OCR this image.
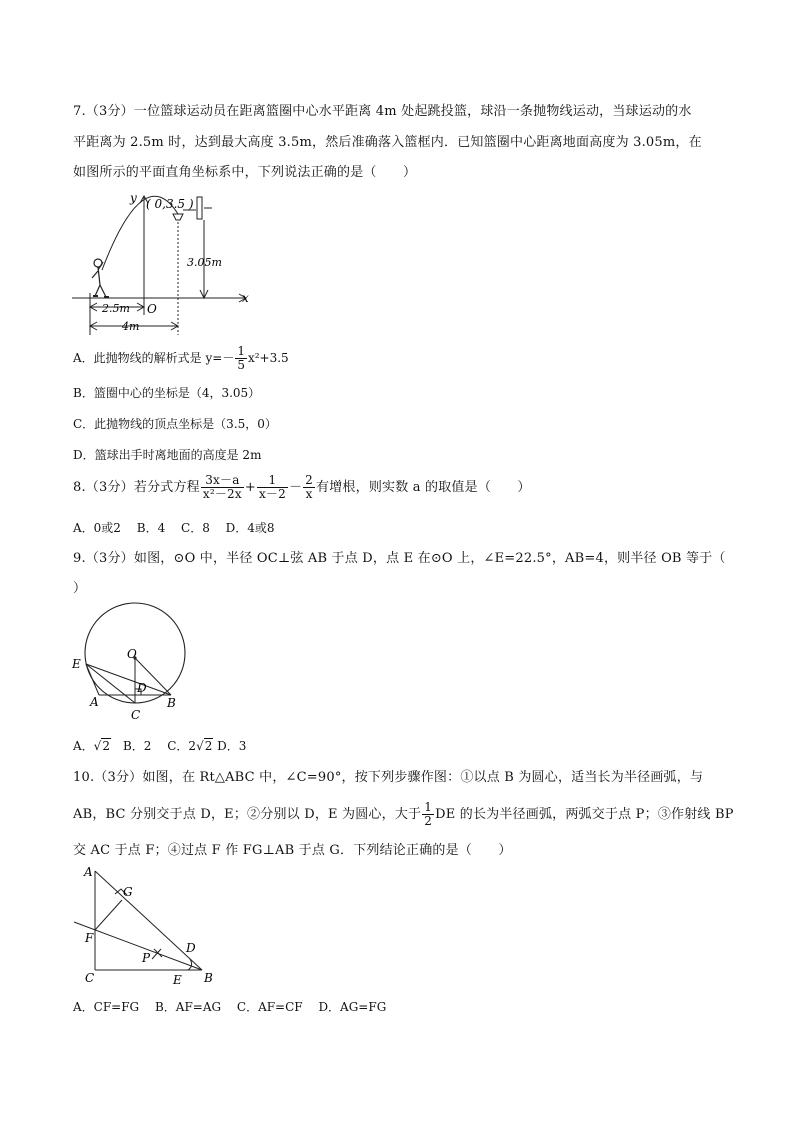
7.（3分）一位篮球运动员在距离篮圈中心水平距离 4m 处起跳投篮，球沿一条抛物线运动，当球运动的水
平距离为 2.5m 时，达到最大高度 3.5m，然后准确落入篮框内．已知篮圈中心距离地面高度为 3.05m，在
如图所示的平面直角坐标系中，下列说法正确的是（　　）
y
x
( 0,3.5 )
3.05m
2.5m O
4m
A．此抛物线的解析式是 $y=- \frac{1}{5} x^2+3.5$
B．篮圈中心的坐标是（4，3.05）
C．此抛物线的顶点坐标是（3.5，0）
D．篮球出手时离地面的高度是 2m
8.（3分）若分式方程 $\frac{3x-a}{\text{x²－2x}} + \frac{1}{x-2} - \frac{2}{x}$ 有增根，则实数 a 的取值是（　　）
A．0或2　 B．4　 C．8　 D．4或8
9.（3分）如图，⊙O 中，半径 OC⊥弦 AB 于点 D，点 E 在⊙O 上，∠E=22.5°，AB=4，则半径 OB 等于（
）
E
O
D
A
C
B
A．√2　B．2　 C．2√2 D．3
10.（3分）如图，在 Rt△ABC 中，∠C=90°，按下列步骤作图：①以点 B 为圆心，适当长为半径画弧，与
AB，BC 分别交于点 D，E；②分别以 D，E 为圆心，大于 $\frac{1}{2}$ DE 的长为半径画弧，两弧交于点 P；③作射线 BP
交 AC 于点 F；④过点 F 作 FG⊥AB 于点 G．下列结论正确的是（　　）
A
G
F
D
P
C	E B
A．CF=FG　 B．AF=AG　 C．AF=CF　 D．AG=FG
